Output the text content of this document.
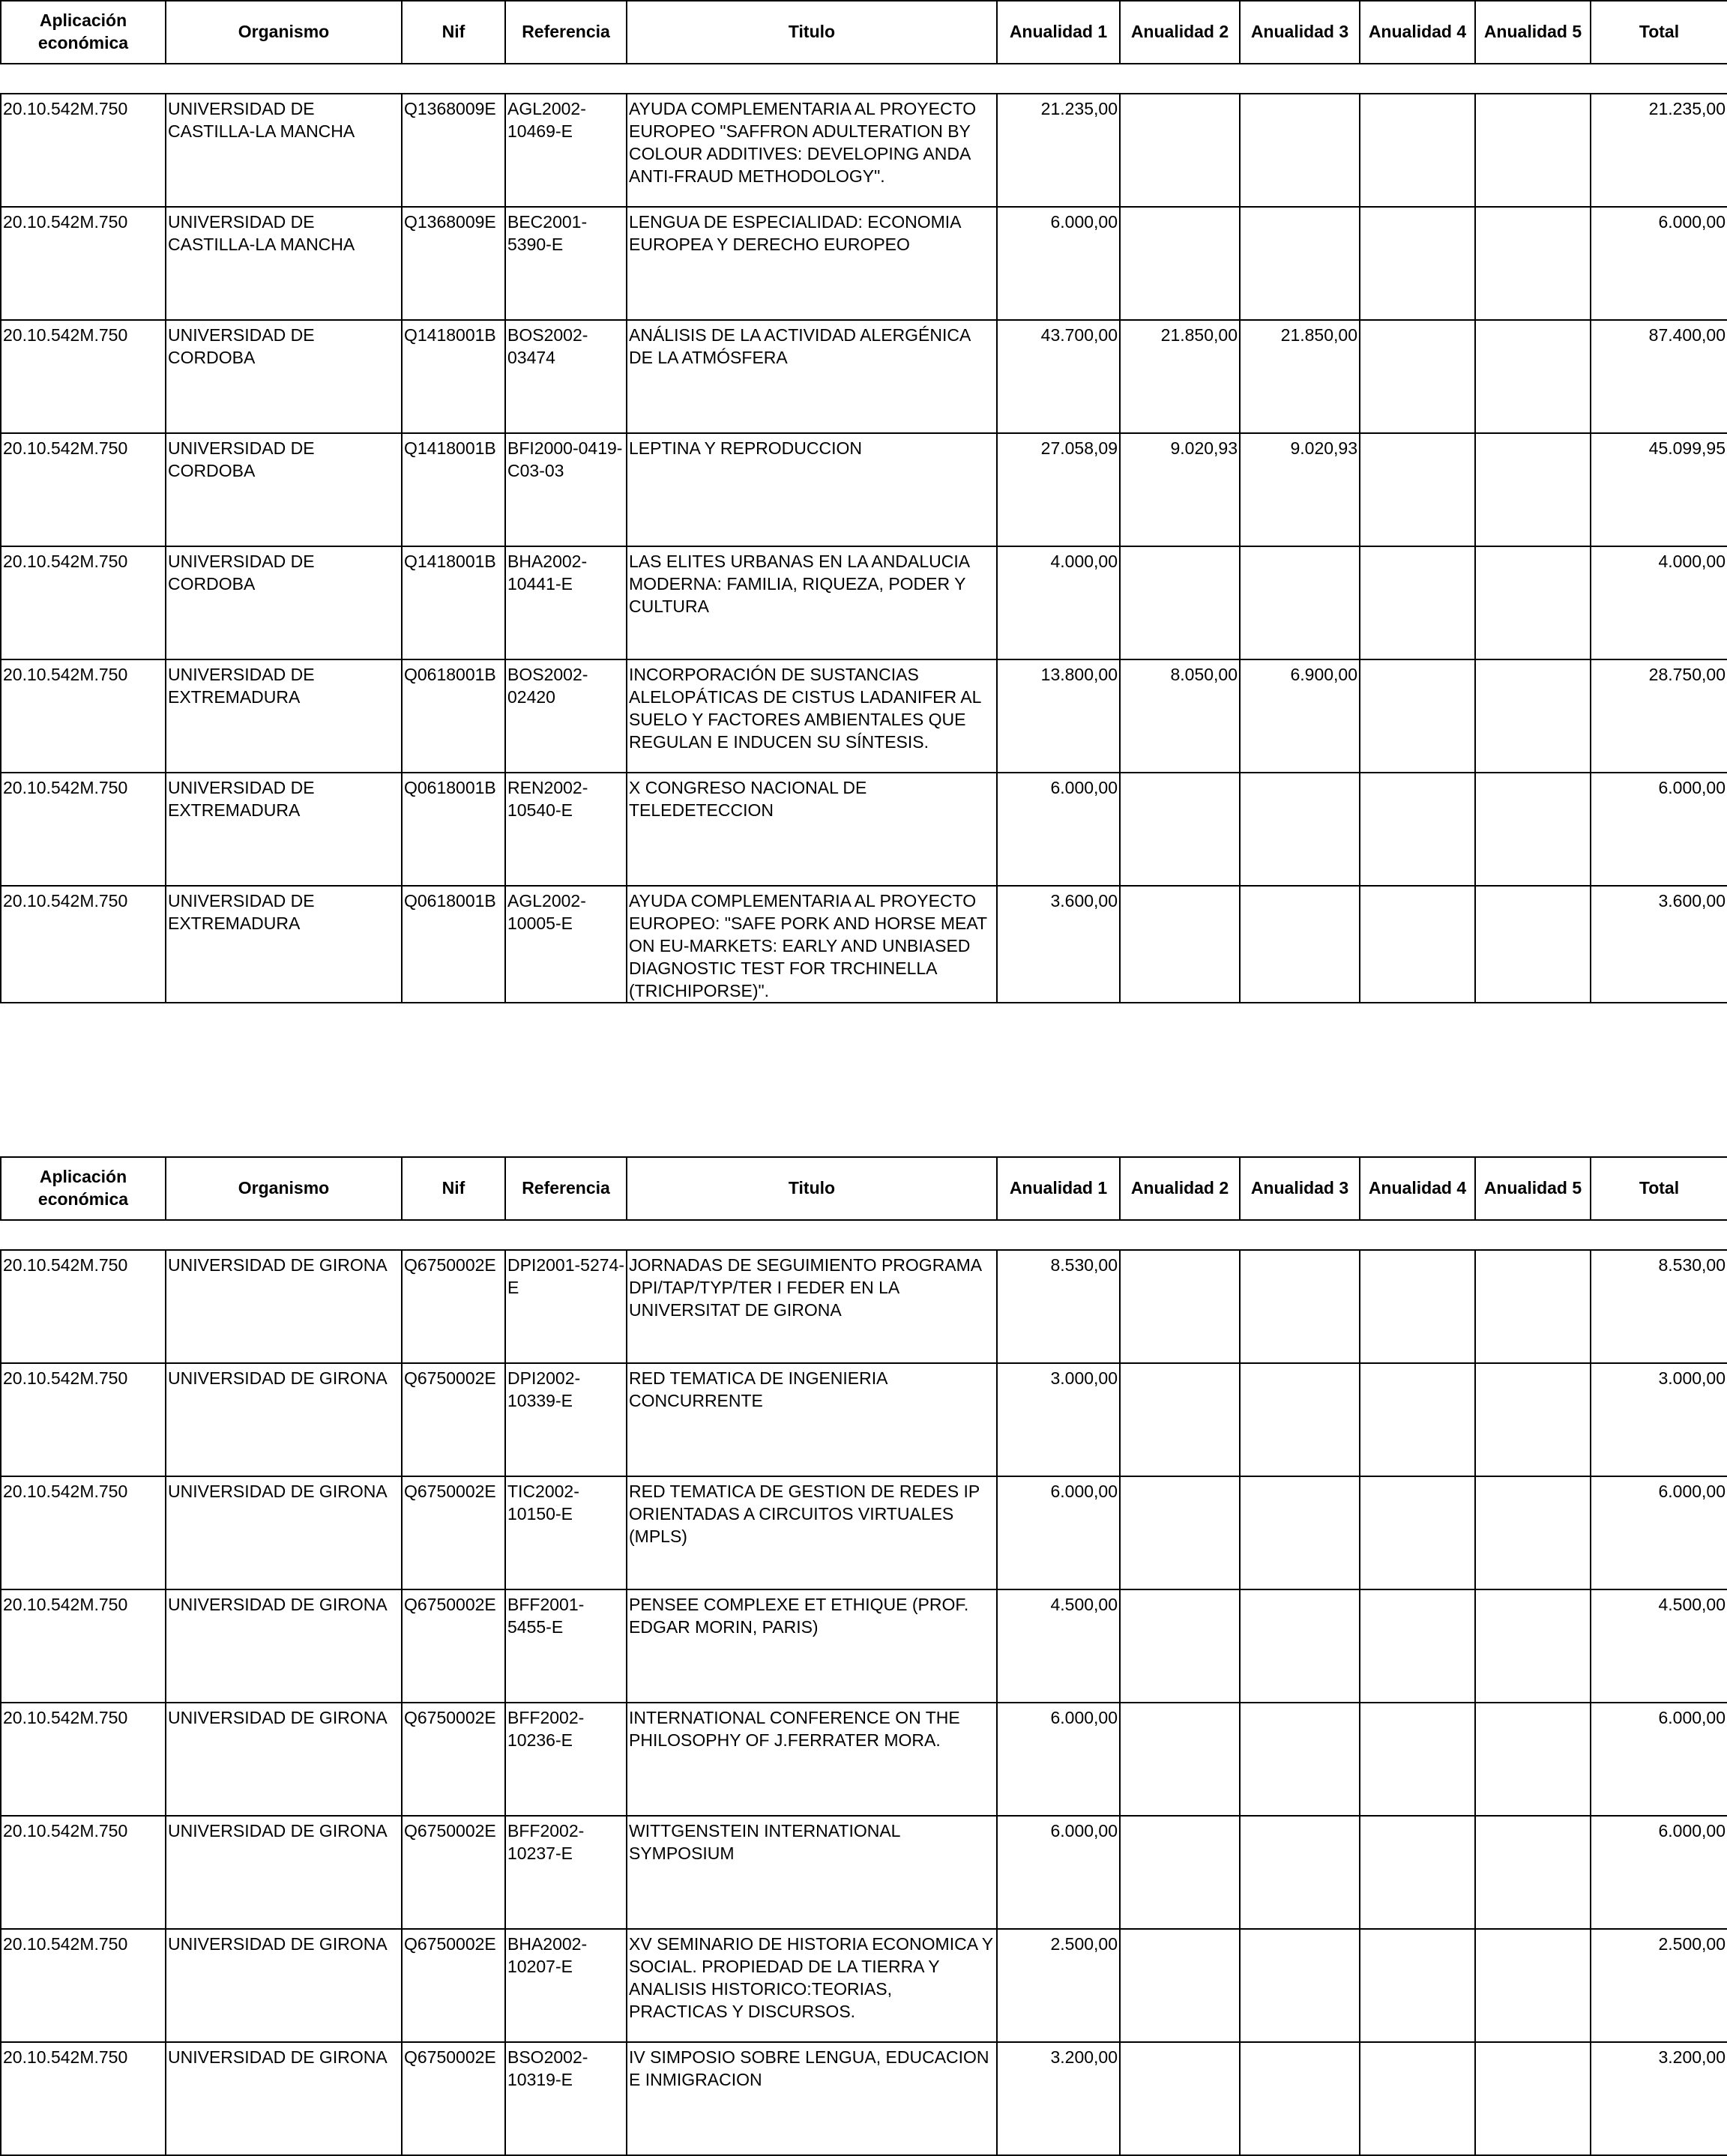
Aplicación económica	Organismo	Nif	Referencia	Titulo	Anualidad 1	Anualidad 2	Anualidad 3	Anualidad 4	Anualidad 5	Total
20.10.542M.750	UNIVERSIDAD DE CASTILLA-LA MANCHA	Q1368009E	AGL2002-10469-E	AYUDA COMPLEMENTARIA AL PROYECTO EUROPEO "SAFFRON ADULTERATION BY COLOUR ADDITIVES: DEVELOPING ANDA ANTI-FRAUD METHODOLOGY".	21.235,00					21.235,00
20.10.542M.750	UNIVERSIDAD DE CASTILLA-LA MANCHA	Q1368009E	BEC2001-5390-E	LENGUA DE ESPECIALIDAD: ECONOMIA EUROPEA Y DERECHO EUROPEO	6.000,00					6.000,00
20.10.542M.750	UNIVERSIDAD DE CORDOBA	Q1418001B	BOS2002-03474	ANÁLISIS DE LA ACTIVIDAD ALERGÉNICA DE LA ATMÓSFERA	43.700,00	21.850,00	21.850,00			87.400,00
20.10.542M.750	UNIVERSIDAD DE CORDOBA	Q1418001B	BFI2000-0419-C03-03	LEPTINA Y REPRODUCCION	27.058,09	9.020,93	9.020,93			45.099,95
20.10.542M.750	UNIVERSIDAD DE CORDOBA	Q1418001B	BHA2002-10441-E	LAS ELITES URBANAS EN LA ANDALUCIA MODERNA: FAMILIA, RIQUEZA, PODER Y CULTURA	4.000,00					4.000,00
20.10.542M.750	UNIVERSIDAD DE EXTREMADURA	Q0618001B	BOS2002-02420	INCORPORACIÓN DE SUSTANCIAS ALELOPÁTICAS DE CISTUS LADANIFER AL SUELO Y FACTORES AMBIENTALES QUE REGULAN E INDUCEN SU SÍNTESIS.	13.800,00	8.050,00	6.900,00			28.750,00
20.10.542M.750	UNIVERSIDAD DE EXTREMADURA	Q0618001B	REN2002-10540-E	X CONGRESO NACIONAL DE TELEDETECCION	6.000,00					6.000,00
20.10.542M.750	UNIVERSIDAD DE EXTREMADURA	Q0618001B	AGL2002-10005-E	AYUDA COMPLEMENTARIA AL PROYECTO EUROPEO: "SAFE PORK AND HORSE MEAT ON EU-MARKETS: EARLY AND UNBIASED DIAGNOSTIC TEST FOR TRCHINELLA (TRICHIPORSE)".	3.600,00					3.600,00
Aplicación económica	Organismo	Nif	Referencia	Titulo	Anualidad 1	Anualidad 2	Anualidad 3	Anualidad 4	Anualidad 5	Total
20.10.542M.750	UNIVERSIDAD DE GIRONA	Q6750002E	DPI2001-5274-E	JORNADAS DE SEGUIMIENTO PROGRAMA DPI/TAP/TYP/TER I FEDER EN LA UNIVERSITAT DE GIRONA	8.530,00					8.530,00
20.10.542M.750	UNIVERSIDAD DE GIRONA	Q6750002E	DPI2002-10339-E	RED TEMATICA DE INGENIERIA CONCURRENTE	3.000,00					3.000,00
20.10.542M.750	UNIVERSIDAD DE GIRONA	Q6750002E	TIC2002-10150-E	RED TEMATICA DE GESTION DE REDES IP ORIENTADAS A CIRCUITOS VIRTUALES (MPLS)	6.000,00					6.000,00
20.10.542M.750	UNIVERSIDAD DE GIRONA	Q6750002E	BFF2001-5455-E	PENSEE COMPLEXE ET ETHIQUE (PROF. EDGAR MORIN, PARIS)	4.500,00					4.500,00
20.10.542M.750	UNIVERSIDAD DE GIRONA	Q6750002E	BFF2002-10236-E	INTERNATIONAL CONFERENCE ON THE PHILOSOPHY OF J.FERRATER MORA.	6.000,00					6.000,00
20.10.542M.750	UNIVERSIDAD DE GIRONA	Q6750002E	BFF2002-10237-E	WITTGENSTEIN INTERNATIONAL SYMPOSIUM	6.000,00					6.000,00
20.10.542M.750	UNIVERSIDAD DE GIRONA	Q6750002E	BHA2002-10207-E	XV SEMINARIO DE HISTORIA ECONOMICA Y SOCIAL. PROPIEDAD DE LA TIERRA Y ANALISIS HISTORICO:TEORIAS, PRACTICAS Y DISCURSOS.	2.500,00					2.500,00
20.10.542M.750	UNIVERSIDAD DE GIRONA	Q6750002E	BSO2002-10319-E	IV SIMPOSIO SOBRE LENGUA, EDUCACION E INMIGRACION	3.200,00					3.200,00
